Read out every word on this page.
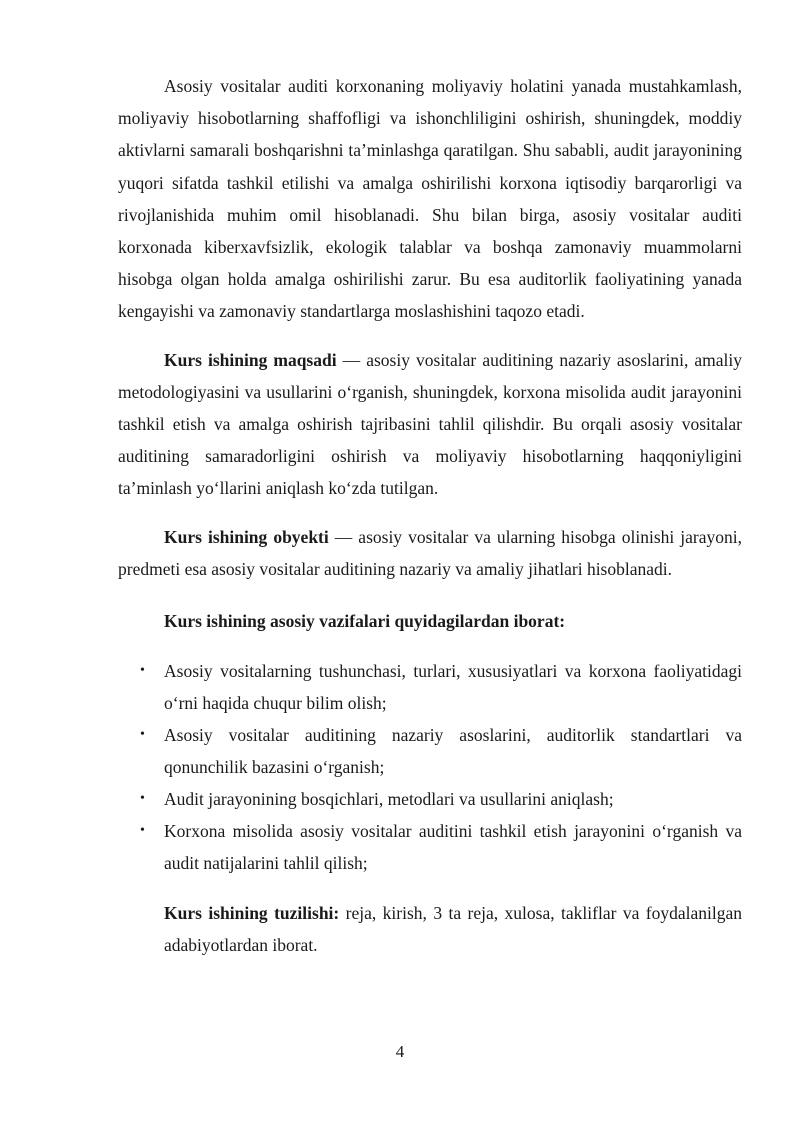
Asosiy vositalar auditi korxonaning moliyaviy holatini yanada mustahkamlash, moliyaviy hisobotlarning shaffofligi va ishonchliligini oshirish, shuningdek, moddiy aktivlarni samarali boshqarishni ta’minlashga qaratilgan. Shu sababli, audit jarayonining yuqori sifatda tashkil etilishi va amalga oshirilishi korxona iqtisodiy barqarorligi va rivojlanishida muhim omil hisoblanadi. Shu bilan birga, asosiy vositalar auditi korxonada kiberxavfsizlik, ekologik talablar va boshqa zamonaviy muammolarni hisobga olgan holda amalga oshirilishi zarur. Bu esa auditorlik faoliyatining yanada kengayishi va zamonaviy standartlarga moslashishini taqozo etadi.

Kurs ishining maqsadi — asosiy vositalar auditining nazariy asoslarini, amaliy metodologiyasini va usullarini o‘rganish, shuningdek, korxona misolida audit jarayonini tashkil etish va amalga oshirish tajribasini tahlil qilishdir. Bu orqali asosiy vositalar auditining samaradorligini oshirish va moliyaviy hisobotlarning haqqoniyligini ta’minlash yo‘llarini aniqlash ko‘zda tutilgan.

Kurs ishining obyekti — asosiy vositalar va ularning hisobga olinishi jarayoni, predmeti esa asosiy vositalar auditining nazariy va amaliy jihatlari hisoblanadi.

Kurs ishining asosiy vazifalari quyidagilardan iborat:

• Asosiy vositalarning tushunchasi, turlari, xususiyatlari va korxona faoliyatidagi o‘rni haqida chuqur bilim olish;
• Asosiy vositalar auditining nazariy asoslarini, auditorlik standartlari va qonunchilik bazasini o‘rganish;
• Audit jarayonining bosqichlari, metodlari va usullarini aniqlash;
• Korxona misolida asosiy vositalar auditini tashkil etish jarayonini o‘rganish va audit natijalarini tahlil qilish;

Kurs ishining tuzilishi: reja, kirish, 3 ta reja, xulosa, takliflar va foydalanilgan adabiyotlardan iborat.

4
